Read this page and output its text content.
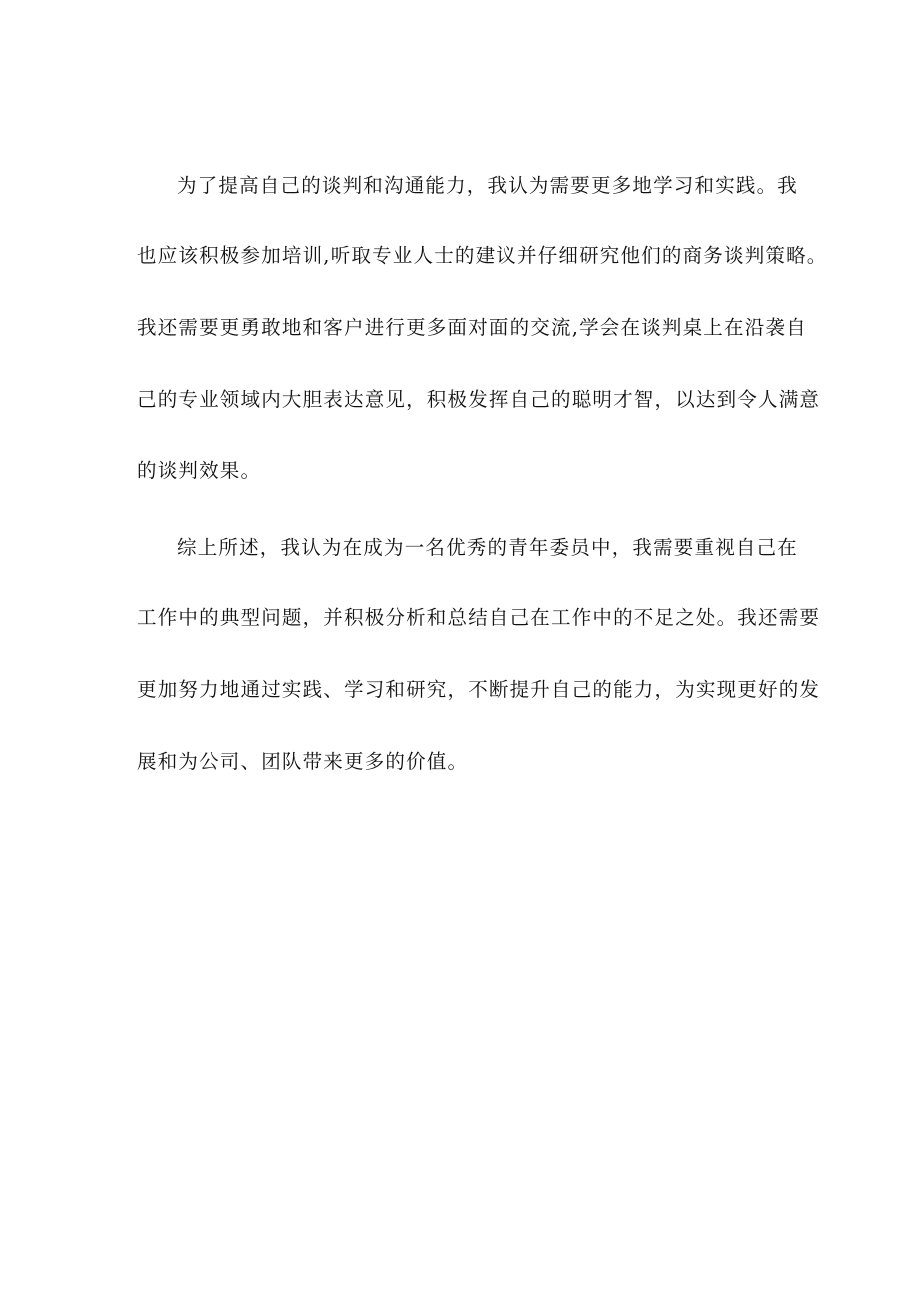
为了提高自己的谈判和沟通能力，我认为需要更多地学习和实践。我
也应该积极参加培训,听取专业人士的建议并仔细研究他们的商务谈判策略。
我还需要更勇敢地和客户进行更多面对面的交流,学会在谈判桌上在沿袭自
己的专业领域内大胆表达意见，积极发挥自己的聪明才智，以达到令人满意
的谈判效果。
综上所述，我认为在成为一名优秀的青年委员中，我需要重视自己在
工作中的典型问题，并积极分析和总结自己在工作中的不足之处。我还需要
更加努力地通过实践、学习和研究，不断提升自己的能力，为实现更好的发
展和为公司、团队带来更多的价值。
